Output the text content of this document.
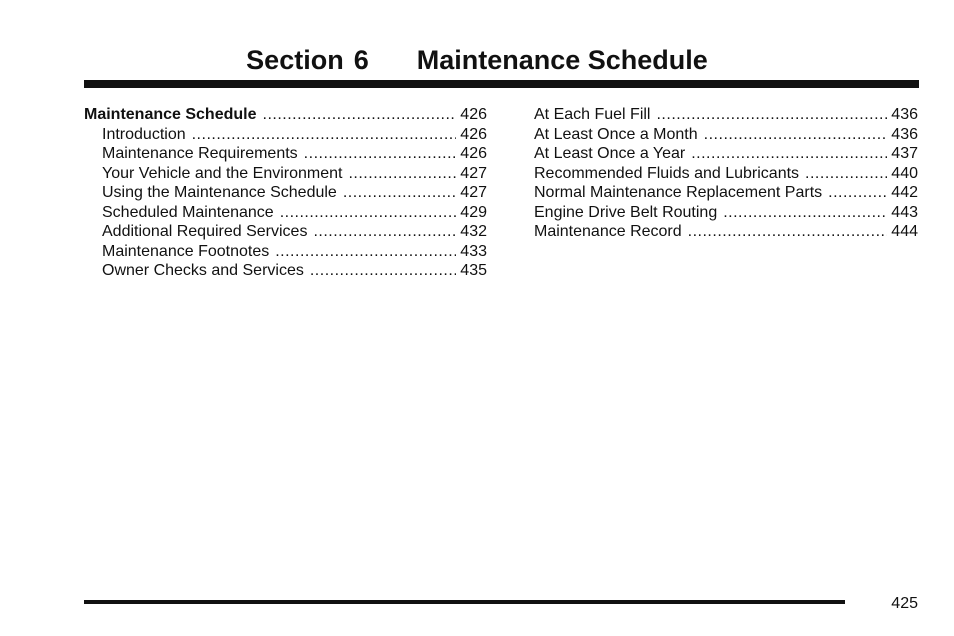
Section 6 Maintenance Schedule
Maintenance Schedule .....	426
Introduction .....	426
Maintenance Requirements .....	426
Your Vehicle and the Environment .....	427
Using the Maintenance Schedule .....	427
Scheduled Maintenance .....	429
Additional Required Services .....	432
Maintenance Footnotes .....	433
Owner Checks and Services .....	435
At Each Fuel Fill .....	436
At Least Once a Month .....	436
At Least Once a Year .....	437
Recommended Fluids and Lubricants .....	440
Normal Maintenance Replacement Parts .....	442
Engine Drive Belt Routing .....	443
Maintenance Record .....	444
425
